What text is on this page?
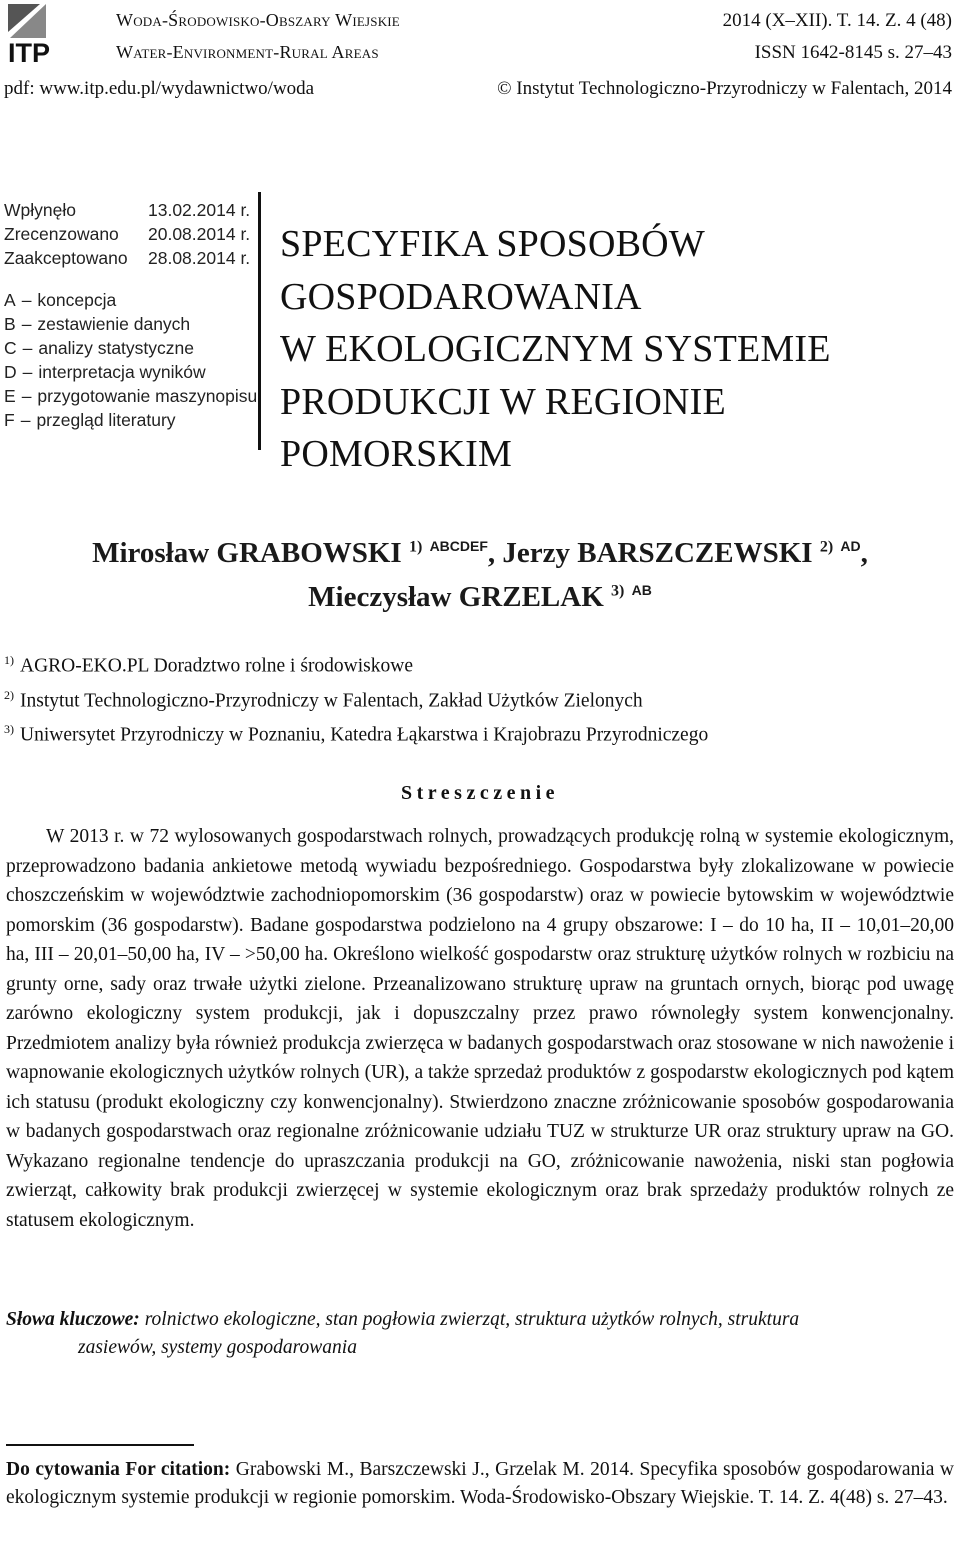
ITP
Woda-Środowisko-Obszary Wiejskie
Water-Environment-Rural Areas
2014 (X–XII). T. 14. Z. 4 (48)
ISSN 1642-8145 s. 27–43
pdf: www.itp.edu.pl/wydawnictwo/woda	© Instytut Technologiczno-Przyrodniczy w Falentach, 2014
Wpłynęło	13.02.2014 r.
Zrecenzowano	20.08.2014 r.
Zaakceptowano	28.08.2014 r.
A – koncepcja
B – zestawienie danych
C – analizy statystyczne
D – interpretacja wyników
E – przygotowanie maszynopisu
F – przegląd literatury
SPECYFIKA SPOSOBÓW
GOSPODAROWANIA
W EKOLOGICZNYM SYSTEMIE
PRODUKCJI W REGIONIE POMORSKIM
Mirosław GRABOWSKI $^{1)}$ $^{ABCDEF}$, Jerzy BARSZCZEWSKI $^{2)}$ $^{AD}$,
Mieczysław GRZELAK $^{3)}$ $^{AB}$
$^{1)}$ AGRO-EKO.PL Doradztwo rolne i środowiskowe
$^{2)}$ Instytut Technologiczno-Przyrodniczy w Falentach, Zakład Użytków Zielonych
$^{3)}$ Uniwersytet Przyrodniczy w Poznaniu, Katedra Łąkarstwa i Krajobrazu Przyrodniczego
Streszczenie

W 2013 r. w 72 wylosowanych gospodarstwach rolnych, prowadzących produkcję rolną w systemie ekologicznym, przeprowadzono badania ankietowe metodą wywiadu bezpośredniego. Gospodarstwa były zlokalizowane w powiecie choszczeńskim w województwie zachodniopomorskim (36 gospodarstw) oraz w powiecie bytowskim w województwie pomorskim (36 gospodarstw). Badane gospodarstwa podzielono na 4 grupy obszarowe: I – do 10 ha, II – 10,01–20,00 ha, III – 20,01–50,00 ha, IV – >50,00 ha. Określono wielkość gospodarstw oraz strukturę użytków rolnych w rozbiciu na grunty orne, sady oraz trwałe użytki zielone. Przeanalizowano strukturę upraw na gruntach ornych, biorąc pod uwagę zarówno ekologiczny system produkcji, jak i dopuszczalny przez prawo równoległy system konwencjonalny. Przedmiotem analizy była również produkcja zwierzęca w badanych gospodarstwach oraz stosowane w nich nawożenie i wapnowanie ekologicznych użytków rolnych (UR), a także sprzedaż produktów z gospodarstw ekologicznych pod kątem ich statusu (produkt ekologiczny czy konwencjonalny). Stwierdzono znaczne zróżnicowanie sposobów gospodarowania w badanych gospodarstwach oraz regionalne zróżnicowanie udziału TUZ w strukturze UR oraz struktury upraw na GO. Wykazano regionalne tendencje do upraszczania produkcji na GO, zróżnicowanie nawożenia, niski stan pogłowia zwierząt, całkowity brak produkcji zwierzęcej w systemie ekologicznym oraz brak sprzedaży produktów rolnych ze statusem ekologicznym.

Słowa kluczowe: rolnictwo ekologiczne, stan pogłowia zwierząt, struktura użytków rolnych, struktura
zasiewów, systemy gospodarowania
Do cytowania For citation: Grabowski M., Barszczewski J., Grzelak M. 2014. Specyfika sposobów gospodarowania w ekologicznym systemie produkcji w regionie pomorskim. Woda-Środowisko-Obszary Wiejskie. T. 14. Z. 4(48) s. 27–43.
